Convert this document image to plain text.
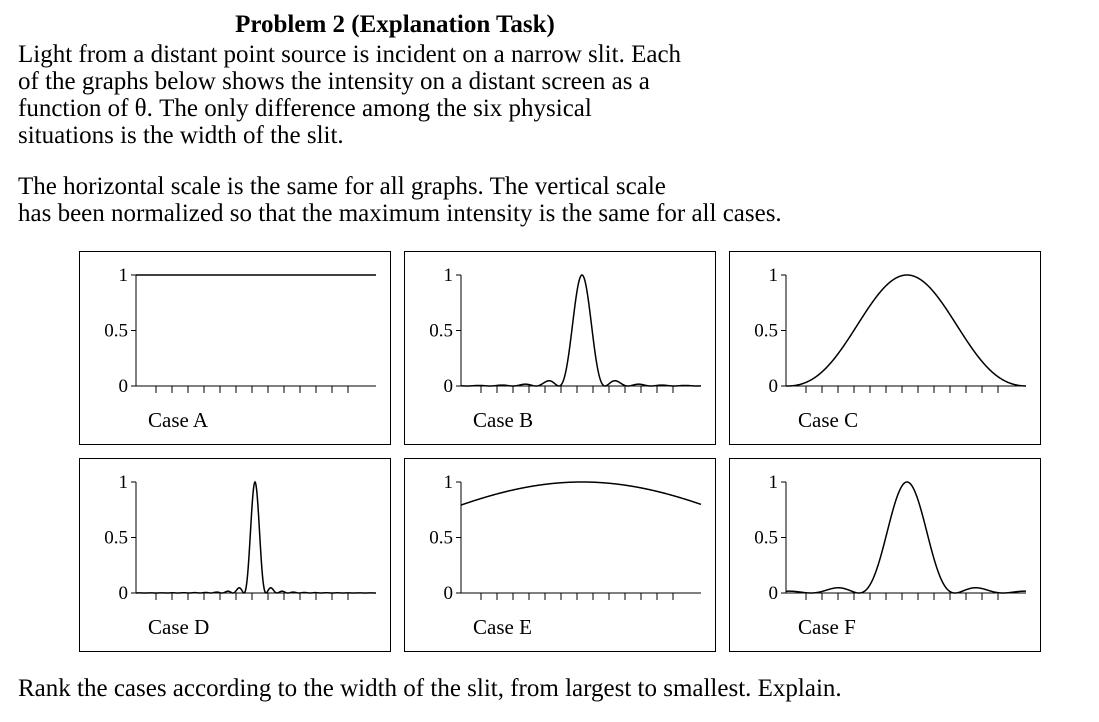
Problem 2 (Explanation Task)
Light from a distant point source is incident on a narrow slit. Each
of the graphs below shows the intensity on a distant screen as a
function of θ. The only difference among the six physical
situations is the width of the slit.
The horizontal scale is the same for all graphs. The vertical scale
has been normalized so that the maximum intensity is the same for all cases.
1
0.5
0
Case A
1
0.5
0
Case B
1
0.5
0
Case C
1
0.5
0
Case D
1
0.5
0
Case E
1
0.5
0
Case F
Rank the cases according to the width of the slit, from largest to smallest. Explain.
